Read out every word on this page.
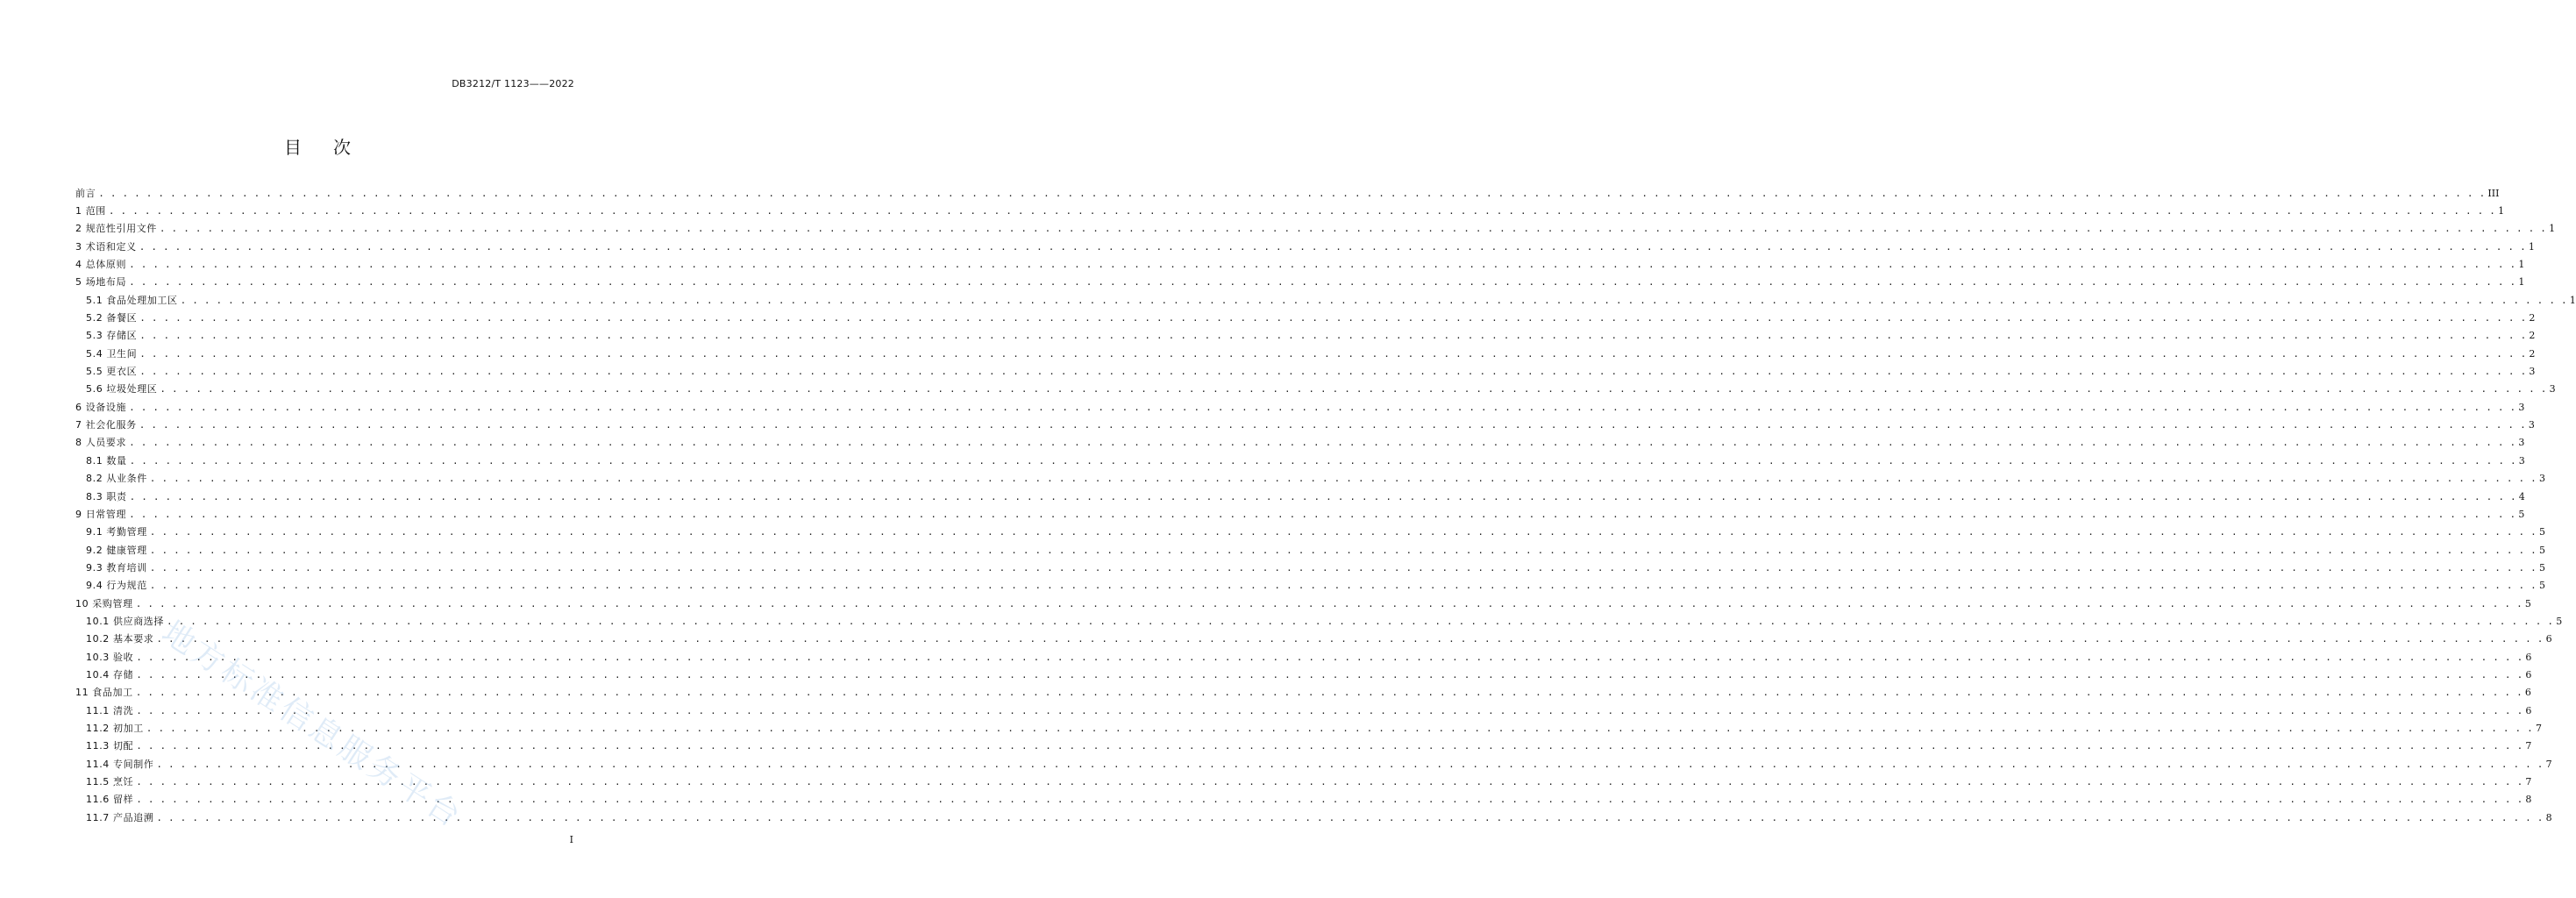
DB3212/T 1123——2022
目次
前言 . . . . . . . . . . . . . . . . . . . . . . . . . . . . . . . . . . . . . . . . . . . . . . . . . . . . . . . . . . . . . . . . . . . . . . . . . . . . . . . . . . . . . . . . . . . . . . . . . . . . . . . . . . . . . . . . . . . . . . . . . . . . . . . . . . . . . . . . . . . . . . . . . . . . . . . . . . . . . . . . . . . . . . . . . . . . . . . . . . . . . . . . . . . . . . . . . . . . . . . . III
1 范围 . . . . . . . . . . . . . . . . . . . . . . . . . . . . . . . . . . . . . . . . . . . . . . . . . . . . . . . . . . . . . . . . . . . . . . . . . . . . . . . . . . . . . . . . . . . . . . . . . . . . . . . . . . . . . . . . . . . . . . . . . . . . . . . . . . . . . . . . . . . . . . . . . . . . . . . . . . . . . . . . . . . . . . . . . . . . . . . . . . . . . . . . . . . . . . . . . . . . . . . . 1
2 规范性引用文件 . . . . . . . . . . . . . . . . . . . . . . . . . . . . . . . . . . . . . . . . . . . . . . . . . . . . . . . . . . . . . . . . . . . . . . . . . . . . . . . . . . . . . . . . . . . . . . . . . . . . . . . . . . . . . . . . . . . . . . . . . . . . . . . . . . . . . . . . . . . . . . . . . . . . . . . . . . . . . . . . . . . . . . . . . . . . . . . . . . . . . . . . . . . . . . . . . . . . . . . . 1
3 术语和定义 . . . . . . . . . . . . . . . . . . . . . . . . . . . . . . . . . . . . . . . . . . . . . . . . . . . . . . . . . . . . . . . . . . . . . . . . . . . . . . . . . . . . . . . . . . . . . . . . . . . . . . . . . . . . . . . . . . . . . . . . . . . . . . . . . . . . . . . . . . . . . . . . . . . . . . . . . . . . . . . . . . . . . . . . . . . . . . . . . . . . . . . . . . . . . . . . . . . . . . . . 1
4 总体原则 . . . . . . . . . . . . . . . . . . . . . . . . . . . . . . . . . . . . . . . . . . . . . . . . . . . . . . . . . . . . . . . . . . . . . . . . . . . . . . . . . . . . . . . . . . . . . . . . . . . . . . . . . . . . . . . . . . . . . . . . . . . . . . . . . . . . . . . . . . . . . . . . . . . . . . . . . . . . . . . . . . . . . . . . . . . . . . . . . . . . . . . . . . . . . . . . . . . . . . . . 1
5 场地布局 . . . . . . . . . . . . . . . . . . . . . . . . . . . . . . . . . . . . . . . . . . . . . . . . . . . . . . . . . . . . . . . . . . . . . . . . . . . . . . . . . . . . . . . . . . . . . . . . . . . . . . . . . . . . . . . . . . . . . . . . . . . . . . . . . . . . . . . . . . . . . . . . . . . . . . . . . . . . . . . . . . . . . . . . . . . . . . . . . . . . . . . . . . . . . . . . . . . . . . . . 1
5.1 食品处理加工区 . . . . . . . . . . . . . . . . . . . . . . . . . . . . . . . . . . . . . . . . . . . . . . . . . . . . . . . . . . . . . . . . . . . . . . . . . . . . . . . . . . . . . . . . . . . . . . . . . . . . . . . . . . . . . . . . . . . . . . . . . . . . . . . . . . . . . . . . . . . . . . . . . . . . . . . . . . . . . . . . . . . . . . . . . . . . . . . . . . . . . . . . . . . . . . . . . . . . . . . . 1
5.2 备餐区 . . . . . . . . . . . . . . . . . . . . . . . . . . . . . . . . . . . . . . . . . . . . . . . . . . . . . . . . . . . . . . . . . . . . . . . . . . . . . . . . . . . . . . . . . . . . . . . . . . . . . . . . . . . . . . . . . . . . . . . . . . . . . . . . . . . . . . . . . . . . . . . . . . . . . . . . . . . . . . . . . . . . . . . . . . . . . . . . . . . . . . . . . . . . . . . . . . . . . . . . 2
5.3 存储区 . . . . . . . . . . . . . . . . . . . . . . . . . . . . . . . . . . . . . . . . . . . . . . . . . . . . . . . . . . . . . . . . . . . . . . . . . . . . . . . . . . . . . . . . . . . . . . . . . . . . . . . . . . . . . . . . . . . . . . . . . . . . . . . . . . . . . . . . . . . . . . . . . . . . . . . . . . . . . . . . . . . . . . . . . . . . . . . . . . . . . . . . . . . . . . . . . . . . . . . . 2
5.4 卫生间 . . . . . . . . . . . . . . . . . . . . . . . . . . . . . . . . . . . . . . . . . . . . . . . . . . . . . . . . . . . . . . . . . . . . . . . . . . . . . . . . . . . . . . . . . . . . . . . . . . . . . . . . . . . . . . . . . . . . . . . . . . . . . . . . . . . . . . . . . . . . . . . . . . . . . . . . . . . . . . . . . . . . . . . . . . . . . . . . . . . . . . . . . . . . . . . . . . . . . . . . 2
5.5 更衣区 . . . . . . . . . . . . . . . . . . . . . . . . . . . . . . . . . . . . . . . . . . . . . . . . . . . . . . . . . . . . . . . . . . . . . . . . . . . . . . . . . . . . . . . . . . . . . . . . . . . . . . . . . . . . . . . . . . . . . . . . . . . . . . . . . . . . . . . . . . . . . . . . . . . . . . . . . . . . . . . . . . . . . . . . . . . . . . . . . . . . . . . . . . . . . . . . . . . . . . . . 3
5.6 垃圾处理区 . . . . . . . . . . . . . . . . . . . . . . . . . . . . . . . . . . . . . . . . . . . . . . . . . . . . . . . . . . . . . . . . . . . . . . . . . . . . . . . . . . . . . . . . . . . . . . . . . . . . . . . . . . . . . . . . . . . . . . . . . . . . . . . . . . . . . . . . . . . . . . . . . . . . . . . . . . . . . . . . . . . . . . . . . . . . . . . . . . . . . . . . . . . . . . . . . . . . . . . . 3
6 设备设施 . . . . . . . . . . . . . . . . . . . . . . . . . . . . . . . . . . . . . . . . . . . . . . . . . . . . . . . . . . . . . . . . . . . . . . . . . . . . . . . . . . . . . . . . . . . . . . . . . . . . . . . . . . . . . . . . . . . . . . . . . . . . . . . . . . . . . . . . . . . . . . . . . . . . . . . . . . . . . . . . . . . . . . . . . . . . . . . . . . . . . . . . . . . . . . . . . . . . . . . . 3
7 社会化服务 . . . . . . . . . . . . . . . . . . . . . . . . . . . . . . . . . . . . . . . . . . . . . . . . . . . . . . . . . . . . . . . . . . . . . . . . . . . . . . . . . . . . . . . . . . . . . . . . . . . . . . . . . . . . . . . . . . . . . . . . . . . . . . . . . . . . . . . . . . . . . . . . . . . . . . . . . . . . . . . . . . . . . . . . . . . . . . . . . . . . . . . . . . . . . . . . . . . . . . . . 3
8 人员要求 . . . . . . . . . . . . . . . . . . . . . . . . . . . . . . . . . . . . . . . . . . . . . . . . . . . . . . . . . . . . . . . . . . . . . . . . . . . . . . . . . . . . . . . . . . . . . . . . . . . . . . . . . . . . . . . . . . . . . . . . . . . . . . . . . . . . . . . . . . . . . . . . . . . . . . . . . . . . . . . . . . . . . . . . . . . . . . . . . . . . . . . . . . . . . . . . . . . . . . . . 3
8.1 数量 . . . . . . . . . . . . . . . . . . . . . . . . . . . . . . . . . . . . . . . . . . . . . . . . . . . . . . . . . . . . . . . . . . . . . . . . . . . . . . . . . . . . . . . . . . . . . . . . . . . . . . . . . . . . . . . . . . . . . . . . . . . . . . . . . . . . . . . . . . . . . . . . . . . . . . . . . . . . . . . . . . . . . . . . . . . . . . . . . . . . . . . . . . . . . . . . . . . . . . . . 3
8.2 从业条件 . . . . . . . . . . . . . . . . . . . . . . . . . . . . . . . . . . . . . . . . . . . . . . . . . . . . . . . . . . . . . . . . . . . . . . . . . . . . . . . . . . . . . . . . . . . . . . . . . . . . . . . . . . . . . . . . . . . . . . . . . . . . . . . . . . . . . . . . . . . . . . . . . . . . . . . . . . . . . . . . . . . . . . . . . . . . . . . . . . . . . . . . . . . . . . . . . . . . . . . . 3
8.3 职责 . . . . . . . . . . . . . . . . . . . . . . . . . . . . . . . . . . . . . . . . . . . . . . . . . . . . . . . . . . . . . . . . . . . . . . . . . . . . . . . . . . . . . . . . . . . . . . . . . . . . . . . . . . . . . . . . . . . . . . . . . . . . . . . . . . . . . . . . . . . . . . . . . . . . . . . . . . . . . . . . . . . . . . . . . . . . . . . . . . . . . . . . . . . . . . . . . . . . . . . . 4
9 日常管理 . . . . . . . . . . . . . . . . . . . . . . . . . . . . . . . . . . . . . . . . . . . . . . . . . . . . . . . . . . . . . . . . . . . . . . . . . . . . . . . . . . . . . . . . . . . . . . . . . . . . . . . . . . . . . . . . . . . . . . . . . . . . . . . . . . . . . . . . . . . . . . . . . . . . . . . . . . . . . . . . . . . . . . . . . . . . . . . . . . . . . . . . . . . . . . . . . . . . . . . . 5
9.1 考勤管理 . . . . . . . . . . . . . . . . . . . . . . . . . . . . . . . . . . . . . . . . . . . . . . . . . . . . . . . . . . . . . . . . . . . . . . . . . . . . . . . . . . . . . . . . . . . . . . . . . . . . . . . . . . . . . . . . . . . . . . . . . . . . . . . . . . . . . . . . . . . . . . . . . . . . . . . . . . . . . . . . . . . . . . . . . . . . . . . . . . . . . . . . . . . . . . . . . . . . . . . . 5
9.2 健康管理 . . . . . . . . . . . . . . . . . . . . . . . . . . . . . . . . . . . . . . . . . . . . . . . . . . . . . . . . . . . . . . . . . . . . . . . . . . . . . . . . . . . . . . . . . . . . . . . . . . . . . . . . . . . . . . . . . . . . . . . . . . . . . . . . . . . . . . . . . . . . . . . . . . . . . . . . . . . . . . . . . . . . . . . . . . . . . . . . . . . . . . . . . . . . . . . . . . . . . . . . 5
9.3 教育培训 . . . . . . . . . . . . . . . . . . . . . . . . . . . . . . . . . . . . . . . . . . . . . . . . . . . . . . . . . . . . . . . . . . . . . . . . . . . . . . . . . . . . . . . . . . . . . . . . . . . . . . . . . . . . . . . . . . . . . . . . . . . . . . . . . . . . . . . . . . . . . . . . . . . . . . . . . . . . . . . . . . . . . . . . . . . . . . . . . . . . . . . . . . . . . . . . . . . . . . . . 5
9.4 行为规范 . . . . . . . . . . . . . . . . . . . . . . . . . . . . . . . . . . . . . . . . . . . . . . . . . . . . . . . . . . . . . . . . . . . . . . . . . . . . . . . . . . . . . . . . . . . . . . . . . . . . . . . . . . . . . . . . . . . . . . . . . . . . . . . . . . . . . . . . . . . . . . . . . . . . . . . . . . . . . . . . . . . . . . . . . . . . . . . . . . . . . . . . . . . . . . . . . . . . . . . . 5
10 采购管理 . . . . . . . . . . . . . . . . . . . . . . . . . . . . . . . . . . . . . . . . . . . . . . . . . . . . . . . . . . . . . . . . . . . . . . . . . . . . . . . . . . . . . . . . . . . . . . . . . . . . . . . . . . . . . . . . . . . . . . . . . . . . . . . . . . . . . . . . . . . . . . . . . . . . . . . . . . . . . . . . . . . . . . . . . . . . . . . . . . . . . . . . . . . . . . . . . . . . . . . . 5
10.1 供应商选择 . . . . . . . . . . . . . . . . . . . . . . . . . . . . . . . . . . . . . . . . . . . . . . . . . . . . . . . . . . . . . . . . . . . . . . . . . . . . . . . . . . . . . . . . . . . . . . . . . . . . . . . . . . . . . . . . . . . . . . . . . . . . . . . . . . . . . . . . . . . . . . . . . . . . . . . . . . . . . . . . . . . . . . . . . . . . . . . . . . . . . . . . . . . . . . . . . . . . . . . . 5
10.2 基本要求 . . . . . . . . . . . . . . . . . . . . . . . . . . . . . . . . . . . . . . . . . . . . . . . . . . . . . . . . . . . . . . . . . . . . . . . . . . . . . . . . . . . . . . . . . . . . . . . . . . . . . . . . . . . . . . . . . . . . . . . . . . . . . . . . . . . . . . . . . . . . . . . . . . . . . . . . . . . . . . . . . . . . . . . . . . . . . . . . . . . . . . . . . . . . . . . . . . . . . . . . 6
10.3 验收 . . . . . . . . . . . . . . . . . . . . . . . . . . . . . . . . . . . . . . . . . . . . . . . . . . . . . . . . . . . . . . . . . . . . . . . . . . . . . . . . . . . . . . . . . . . . . . . . . . . . . . . . . . . . . . . . . . . . . . . . . . . . . . . . . . . . . . . . . . . . . . . . . . . . . . . . . . . . . . . . . . . . . . . . . . . . . . . . . . . . . . . . . . . . . . . . . . . . . . . . 6
10.4 存储 . . . . . . . . . . . . . . . . . . . . . . . . . . . . . . . . . . . . . . . . . . . . . . . . . . . . . . . . . . . . . . . . . . . . . . . . . . . . . . . . . . . . . . . . . . . . . . . . . . . . . . . . . . . . . . . . . . . . . . . . . . . . . . . . . . . . . . . . . . . . . . . . . . . . . . . . . . . . . . . . . . . . . . . . . . . . . . . . . . . . . . . . . . . . . . . . . . . . . . . . 6
11 食品加工 . . . . . . . . . . . . . . . . . . . . . . . . . . . . . . . . . . . . . . . . . . . . . . . . . . . . . . . . . . . . . . . . . . . . . . . . . . . . . . . . . . . . . . . . . . . . . . . . . . . . . . . . . . . . . . . . . . . . . . . . . . . . . . . . . . . . . . . . . . . . . . . . . . . . . . . . . . . . . . . . . . . . . . . . . . . . . . . . . . . . . . . . . . . . . . . . . . . . . . . . 6
11.1 清洗 . . . . . . . . . . . . . . . . . . . . . . . . . . . . . . . . . . . . . . . . . . . . . . . . . . . . . . . . . . . . . . . . . . . . . . . . . . . . . . . . . . . . . . . . . . . . . . . . . . . . . . . . . . . . . . . . . . . . . . . . . . . . . . . . . . . . . . . . . . . . . . . . . . . . . . . . . . . . . . . . . . . . . . . . . . . . . . . . . . . . . . . . . . . . . . . . . . . . . . . . 6
11.2 初加工 . . . . . . . . . . . . . . . . . . . . . . . . . . . . . . . . . . . . . . . . . . . . . . . . . . . . . . . . . . . . . . . . . . . . . . . . . . . . . . . . . . . . . . . . . . . . . . . . . . . . . . . . . . . . . . . . . . . . . . . . . . . . . . . . . . . . . . . . . . . . . . . . . . . . . . . . . . . . . . . . . . . . . . . . . . . . . . . . . . . . . . . . . . . . . . . . . . . . . . . . 7
11.3 切配 . . . . . . . . . . . . . . . . . . . . . . . . . . . . . . . . . . . . . . . . . . . . . . . . . . . . . . . . . . . . . . . . . . . . . . . . . . . . . . . . . . . . . . . . . . . . . . . . . . . . . . . . . . . . . . . . . . . . . . . . . . . . . . . . . . . . . . . . . . . . . . . . . . . . . . . . . . . . . . . . . . . . . . . . . . . . . . . . . . . . . . . . . . . . . . . . . . . . . . . . 7
11.4 专间制作 . . . . . . . . . . . . . . . . . . . . . . . . . . . . . . . . . . . . . . . . . . . . . . . . . . . . . . . . . . . . . . . . . . . . . . . . . . . . . . . . . . . . . . . . . . . . . . . . . . . . . . . . . . . . . . . . . . . . . . . . . . . . . . . . . . . . . . . . . . . . . . . . . . . . . . . . . . . . . . . . . . . . . . . . . . . . . . . . . . . . . . . . . . . . . . . . . . . . . . . . 7
11.5 烹饪 . . . . . . . . . . . . . . . . . . . . . . . . . . . . . . . . . . . . . . . . . . . . . . . . . . . . . . . . . . . . . . . . . . . . . . . . . . . . . . . . . . . . . . . . . . . . . . . . . . . . . . . . . . . . . . . . . . . . . . . . . . . . . . . . . . . . . . . . . . . . . . . . . . . . . . . . . . . . . . . . . . . . . . . . . . . . . . . . . . . . . . . . . . . . . . . . . . . . . . . . 7
11.6 留样 . . . . . . . . . . . . . . . . . . . . . . . . . . . . . . . . . . . . . . . . . . . . . . . . . . . . . . . . . . . . . . . . . . . . . . . . . . . . . . . . . . . . . . . . . . . . . . . . . . . . . . . . . . . . . . . . . . . . . . . . . . . . . . . . . . . . . . . . . . . . . . . . . . . . . . . . . . . . . . . . . . . . . . . . . . . . . . . . . . . . . . . . . . . . . . . . . . . . . . . . 8
11.7 产品追溯 . . . . . . . . . . . . . . . . . . . . . . . . . . . . . . . . . . . . . . . . . . . . . . . . . . . . . . . . . . . . . . . . . . . . . . . . . . . . . . . . . . . . . . . . . . . . . . . . . . . . . . . . . . . . . . . . . . . . . . . . . . . . . . . . . . . . . . . . . . . . . . . . . . . . . . . . . . . . . . . . . . . . . . . . . . . . . . . . . . . . . . . . . . . . . . . . . . . . . . . . 8
地方标准信息服务平台
I
